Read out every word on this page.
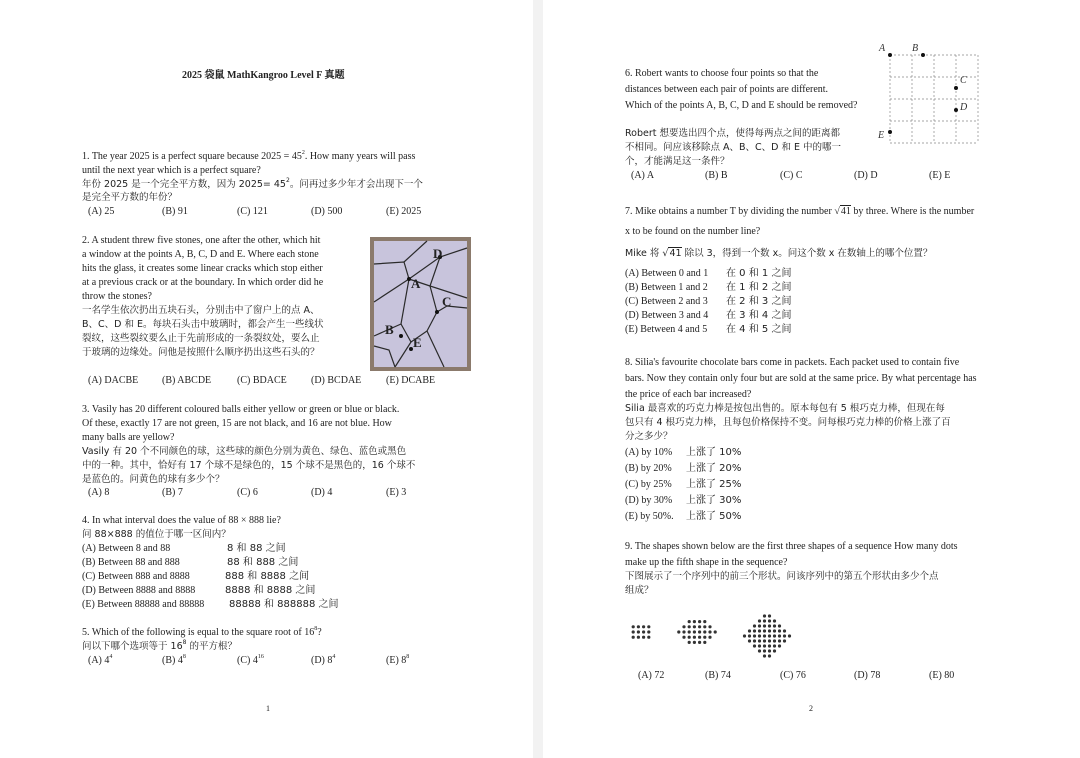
2025 袋鼠 MathKangroo Level F 真题
1. The year 2025 is a perfect square because $2025 = 45^2$. How many years will pass
until the next year which is a perfect square?
年份 2025 是一个完全平方数，因为 $2025= 45^2$。问再过多少年才会出现下一个
是完全平方数的年份？
(A) 25	(B) 91	(C) 121	(D) 500	(E) 2025
2. A student threw five stones, one after the other, which hit
a window at the points A, B, C, D and E. Where each stone
hits the glass, it creates some linear cracks which stop either
at a previous crack or at the boundary. In which order did he
throw the stones?
一名学生依次扔出五块石头，分别击中了窗户上的点 A、
B、C、D 和 E。每块石头击中玻璃时，都会产生一些线状
裂纹，这些裂纹要么止于先前形成的一条裂纹处，要么止
于玻璃的边缘处。问他是按照什么顺序扔出这些石头的？
A
B
C
D
E
(A) DACBE (B) ABCDE	(C) BDACE (D) BCDAE (E) DCABE
3. Vasily has 20 different coloured balls either yellow or green or blue or black.
Of these, exactly 17 are not green, 15 are not black, and 16 are not blue. How
many balls are yellow?
Vasily 有 20 个不同颜色的球，这些球的颜色分别为黄色、绿色、蓝色或黑色
中的一种。其中，恰好有 17 个球不是绿色的，15 个球不是黑色的，16 个球不
是蓝色的。问黄色的球有多少个？
(A) 8	(B) 7	(C) 6	(D) 4	(E) 3
4. In what interval does the value of 88 × 888 lie?
问 88×888 的值位于哪一区间内？
(A) Between 8 and 88	8 和 88 之间
(B) Between 88 and 888	88 和 888 之间
(C) Between 888 and 8888	888 和 8888 之间
(D) Between 8888 and 8888	8888 和 8888 之间
(E) Between 88888 and 88888 88888 和 888888 之间
5. Which of the following is equal to the square root of $16^8$?
问以下哪个选项等于 $16^8$ 的平方根？
(A) $4^4$	(B) $4^8$	(C) $4^{16}$	(D) $8^4$	(E) $8^8$
1
6. Robert wants to choose four points so that the
distances between each pair of points are different.
Which of the points A, B, C, D and E should be removed?
Robert 想要选出四个点，使得每两点之间的距离都
不相同。问应该移除点 A、B、C、D 和 E 中的哪一
个，才能满足这一条件？
A	B
C
D
E
(A) A	(B) B	(C) C	(D) D	(E) E
7. Mike obtains a number T by dividing the number √41 by three. Where is the number
x to be found on the number line?
Mike 将 √41 除以 3，得到一个数 x。问这个数 x 在数轴上的哪个位置？
(A) Between 0 and 1 在 0 和 1 之间
(B) Between 1 and 2 在 1 和 2 之间
(C) Between 2 and 3 在 2 和 3 之间
(D) Between 3 and 4 在 3 和 4 之间
(E) Between 4 and 5 在 4 和 5 之间
8. Silia's favourite chocolate bars come in packets. Each packet used to contain five
bars. Now they contain only four but are sold at the same price. By what percentage has
the price of each bar increased?
Silia 最喜欢的巧克力棒是按包出售的。原本每包有 5 根巧克力棒，但现在每
包只有 4 根巧克力棒，且每包价格保持不变。问每根巧克力棒的价格上涨了百
分之多少？
(A) by 10% 上涨了 10%
(B) by 20% 上涨了 20%
(C) by 25% 上涨了 25%
(D) by 30% 上涨了 30%
(E) by 50%. 上涨了 50%
9. The shapes shown below are the first three shapes of a sequence How many dots
make up the fifth shape in the sequence?
下图展示了一个序列中的前三个形状。问该序列中的第五个形状由多少个点
组成？
(A) 72	(B) 74	(C) 76	(D) 78	(E) 80
2
